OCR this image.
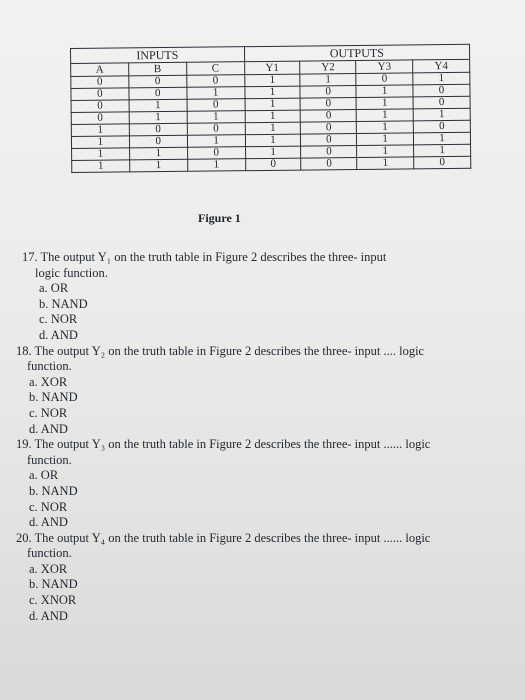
INPUTS			OUTPUTS			
A	B	C	Y1	Y2	Y3	Y4
0	0	0	1	1	0	1
0	0	1	1	0	1	0
0	1	0	1	0	1	0
0	1	1	1	0	1	1
1	0	0	1	0	1	0
1	0	1	1	0	1	1
1	1	0	1	0	1	1
1	1	1	0	0	1	0
Figure 1
17. The output Y₁ on the truth table in Figure 2 describes the three- input
logic function.
a. OR
b. NAND
c. NOR
d. AND
18. The output Y₂ on the truth table in Figure 2 describes the three- input .... logic
function.
a. XOR
b. NAND
c. NOR
d. AND
19. The output Y₃ on the truth table in Figure 2 describes the three- input ...... logic
function.
a. OR
b. NAND
c. NOR
d. AND
20. The output Y₄ on the truth table in Figure 2 describes the three- input ...... logic
function.
a. XOR
b. NAND
c. XNOR
d. AND
